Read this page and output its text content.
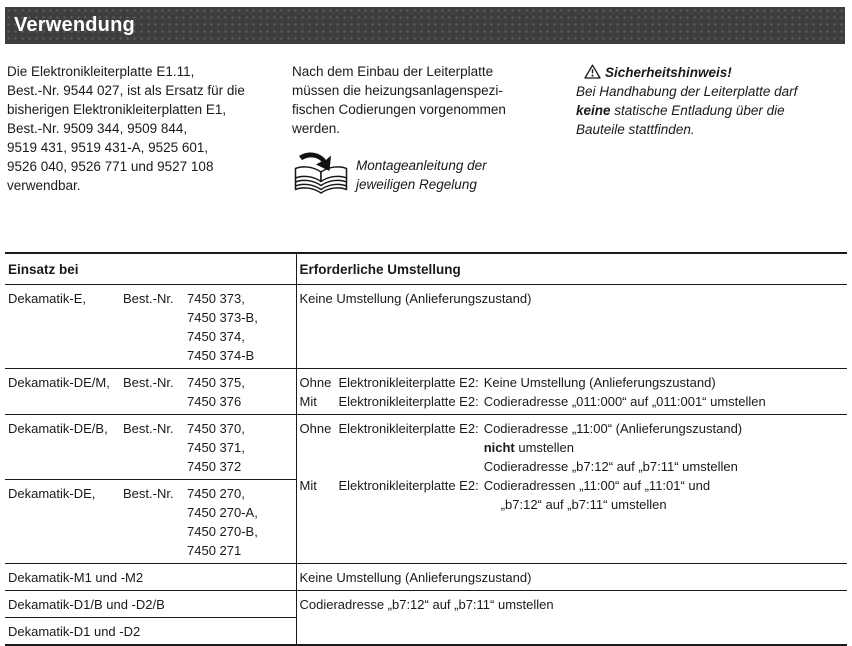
Verwendung
Die Elektronikleiterplatte E1.11,
Best.-Nr. 9544 027, ist als Ersatz für die
bisherigen Elektronikleiterplatten E1,
Best.-Nr. 9509 344, 9509 844,
9519 431, 9519 431-A, 9525 601,
9526 040, 9526 771 und 9527 108
verwendbar.
Nach dem Einbau der Leiterplatte
müssen die heizungsanlagenspezi-
fischen Codierungen vorgenommen
werden.
Montageanleitung der
jeweiligen Regelung
Sicherheitshinweis!
Bei Handhabung der Leiterplatte darf
keine statische Entladung über die
Bauteile stattfinden.
Einsatz bei	Erforderliche Umstellung

Dekamatik-E,	Best.-Nr.	7450 373,
7450 373-B,
7450 374,
7450 374-B
	Keine Umstellung (Anlieferungszustand)

Dekamatik-DE/M,	Best.-Nr.	7450 375,
7450 376

Ohne Elektronikleiterplatte E2: Keine Umstellung (Anlieferungszustand)
Mit	Elektronikleiterplatte E2: Codieradresse „011:000“ auf „011:001“ umstellen

Dekamatik-DE/B,	Best.-Nr.	7450 370,
7450 371,
7450 372

Ohne Elektronikleiterplatte E2: Codieradresse „11:00“ (Anlieferungszustand)
nicht umstellen
Codieradresse „b7:12“ auf „b7:11“ umstellen
Mit	Elektronikleiterplatte E2: Codieradressen „11:00“ auf „11:01“ und
„b7:12“ auf „b7:11“ umstellen

Dekamatik-DE,	Best.-Nr.	7450 270,
7450 270-A,
7450 270-B,
7450 271

Dekamatik-M1 und -M2	Keine Umstellung (Anlieferungszustand)
Dekamatik-D1/B und -D2/B	Codieradresse „b7:12“ auf „b7:11“ umstellen
Dekamatik-D1 und -D2	
